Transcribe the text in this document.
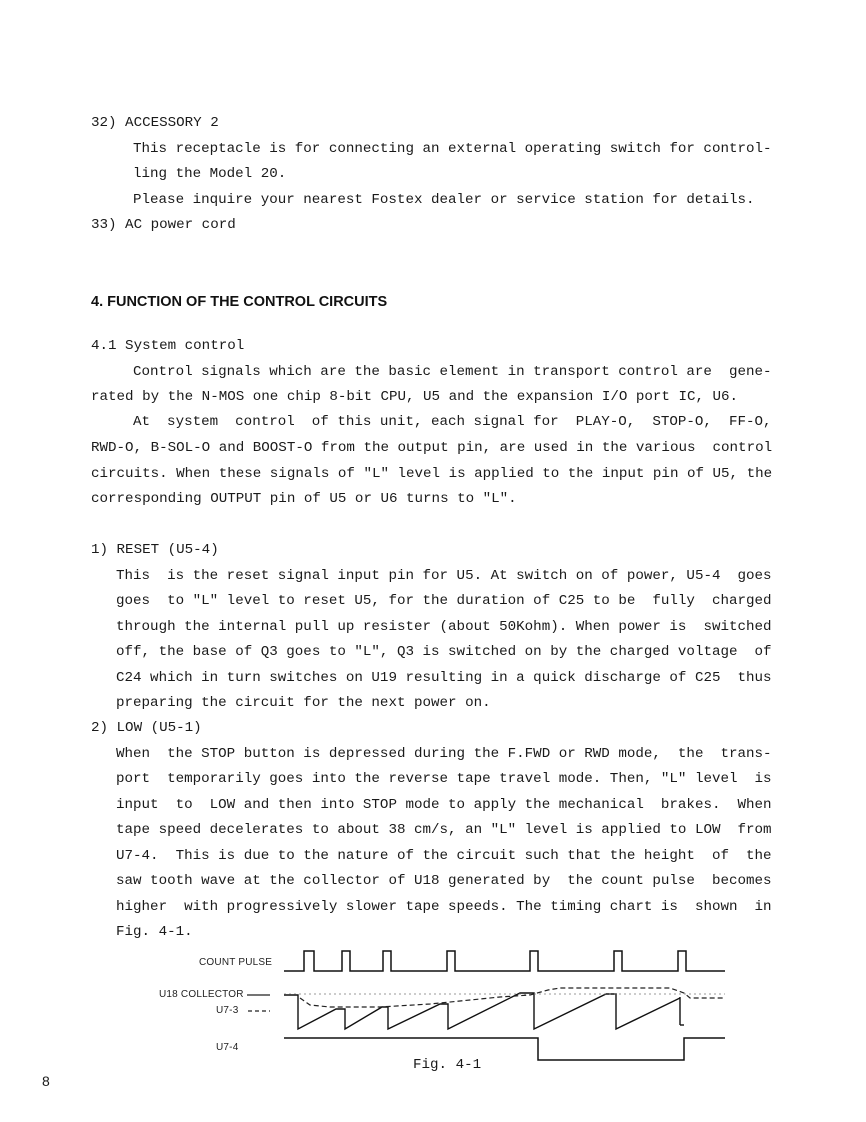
32) ACCESSORY 2
This receptacle is for connecting an external operating switch for control-
ling the Model 20.
Please inquire your nearest Fostex dealer or service station for details.
33) AC power cord
4. FUNCTION OF THE CONTROL CIRCUITS
4.1 System control
Control signals which are the basic element in transport control are  gene-
rated by the N-MOS one chip 8-bit CPU, U5 and the expansion I/O port IC, U6.
At  system  control  of this unit, each signal for  PLAY-O,  STOP-O,  FF-O,
RWD-O, B-SOL-O and BOOST-O from the output pin, are used in the various  control
circuits. When these signals of "L" level is applied to the input pin of U5, the
corresponding OUTPUT pin of U5 or U6 turns to "L".
1) RESET (U5-4)
This  is the reset signal input pin for U5. At switch on of power, U5-4  goes
goes  to "L" level to reset U5, for the duration of C25 to be  fully  charged
through the internal pull up resister (about 50Kohm). When power is  switched
off, the base of Q3 goes to "L", Q3 is switched on by the charged voltage  of
C24 which in turn switches on U19 resulting in a quick discharge of C25  thus
preparing the circuit for the next power on.
2) LOW (U5-1)
When  the STOP button is depressed during the F.FWD or RWD mode,  the  trans-
port  temporarily goes into the reverse tape travel mode. Then, "L" level  is
input  to  LOW and then into STOP mode to apply the mechanical  brakes.  When
tape speed decelerates to about 38 cm/s, an "L" level is applied to LOW  from
U7-4.  This is due to the nature of the circuit such that the height  of  the
saw tooth wave at the collector of U18 generated by  the count pulse  becomes
higher  with progressively slower tape speeds. The timing chart is  shown  in
Fig. 4-1.
COUNT PULSE
U18 COLLECTOR
U7-3
U7-4
Fig. 4-1
8
